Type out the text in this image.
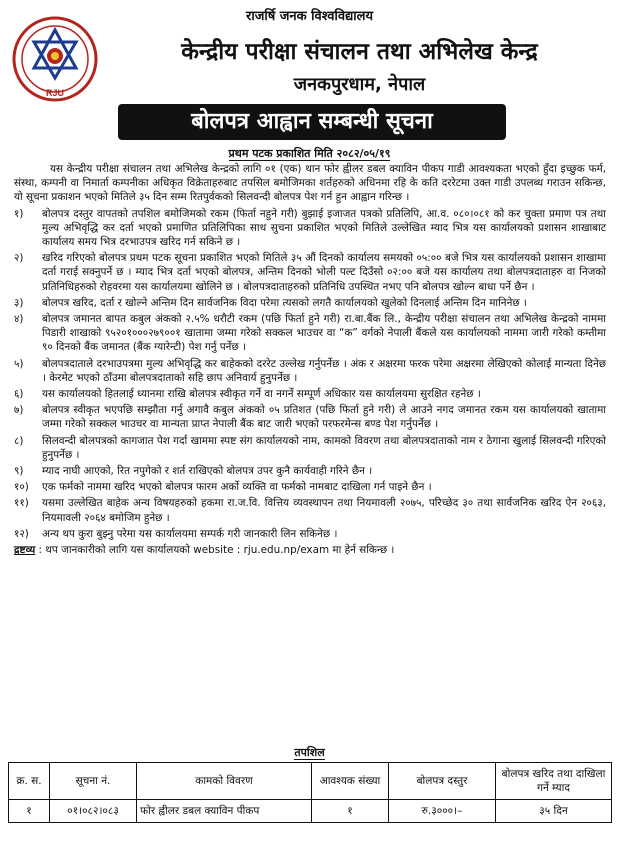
RJU
राजर्षि जनक विश्वविद्यालय
केन्द्रीय परीक्षा संचालन तथा अभिलेख केन्द्र
जनकपुरधाम, नेपाल
बोलपत्र आह्वान सम्बन्धी सूचना
प्रथम पटक प्रकाशित मिति २०८२/०५/१९

यस केन्द्रीय परीक्षा संचालन तथा अभिलेख केन्द्रको लागि ०१ (एक) थान फोर ह्वीलर डबल क्याविन पीकप गाडी आवश्यकता भएको हुँदा इच्छुक फर्म, संस्था, कम्पनी वा निमार्ता कम्पनीका अधिकृत विक्रेताहरुबाट तपसिल बमोजिमका शर्तहरुको अधिनमा रहि के कति दररेटमा उक्त गाडी उपलब्ध गराउन सकिन्छ, यो सूचना प्रकाशन भएको मितिले ३५ दिन सम्म रितपुर्वकको सिलवन्दी बोलपत्र पेश गर्न हुन आह्वान गरिन्छ ।

१)	बोलपत्र दस्तुर वापतको तपशिल बमोजिमको रकम (फिर्ता नहुने गरी) बुझाई इजाजत पत्रको प्रतिलिपि, आ.व. ०८०।०८१ को कर चुक्ता प्रमाण पत्र तथा मुल्य अभिवृद्धि कर दर्ता भएको प्रमाणित प्रतिलिपिका साथ सुचना प्रकाशित भएको मितिले उल्लेखित म्याद भित्र यस कार्यालयको प्रशासन शाखाबाट कार्यालय समय भित्र दरभाउपत्र खरिद गर्न सकिने छ ।
२)	खरिद गरिएको बोलपत्र प्रथम पटक सूचना प्रकाशित भएको मितिले ३५ औं दिनको कार्यालय समयको ०५:०० बजे भित्र यस कार्यालयको प्रशासन शाखामा दर्ता गराई सक्नुपर्ने छ । म्याद भित्र दर्ता भएको बोलपत्र, अन्तिम दिनको भोली पल्ट दिउँसो ०२:०० बजे यस कार्यालय तथा बोलपत्रदाताहरु वा निजको प्रतिनिधिहरुको रोहवरमा यस कार्यालयमा खोलिने छ । बोलपत्रदाताहरुको प्रतिनिधि उपस्थित नभए पनि बोलपत्र खोल्न बाधा पर्ने छैन ।
३)	बोलपत्र खरिद, दर्ता र खोल्ने अन्तिम दिन सार्वजनिक विदा परेमा त्यसको लगतै कार्यालयको खुलेको दिनलाई अन्तिम दिन मानिनेछ ।
४)	बोलपत्र जमानत बापत कबुल अंकको २.५% धरौटी रकम (पछि फिर्ता हुने गरी) रा.बा.बैंक लि., केन्द्रीय परीक्षा संचालन तथा अभिलेख केन्द्रको नाममा पिडारी शाखाको ९५२०१०००२७९००१ खातामा जम्मा गरेको सक्कल भाउचर वा “क” वर्गको नेपाली बैंकले यस कार्यालयको नाममा जारी गरेको कम्तीमा ९० दिनको बैंक जमानत (बैंक ग्यारेन्टी) पेश गर्नु पर्नेछ ।
५)	बोलपत्रदाताले दरभाउपत्रमा मुल्य अभिवृद्धि कर बाहेकको दररेट उल्लेख गर्नुपर्नेछ । अंक र अक्षरमा फरक परेमा अक्षरमा लेखिएको कोलाई मान्यता दिनेछ । केरमेट भएको ठाँउमा बोलपत्रदाताको सहि छाप अनिवार्य हुनुपर्नेछ ।
६)	यस कार्यालयको हितलाई ध्यानमा राखि बोलपत्र स्वीकृत गर्ने वा नगर्ने सम्पूर्ण अधिकार यस कार्यालयमा सुरक्षित रहनेछ ।
७)	बोलपत्र स्वीकृत भएपछि सम्झौता गर्नु अगावै कबुल अंकको ०५ प्रतिशत (पछि फिर्ता हुने गरी) ले आउने नगद जमानत रकम यस कार्यालयको खातामा जम्मा गरेको सक्कल भाउचर वा मान्यता प्राप्त नेपाली बैंक बाट जारी भएको परफरमेन्स बण्ड पेश गर्नुपर्नेछ ।
८)	सिलवन्दी बोलपत्रको कागजात पेश गर्दा खाममा स्पष्ट संग कार्यालयको नाम, कामको विवरण तथा बोलपत्रदाताको नाम र ठेगाना खुलाई सिलवन्दी गरिएको हुनुपर्नेछ ।
९)	म्याद नाघी आएको, रित नपुगेको र शर्त राखिएको बोलपत्र उपर कुनै कार्यवाही गरिने छैन ।
१०)	एक फर्मको नाममा खरिद भएको बोलपत्र फारम अर्को व्यक्ति वा फर्मको नामबाट दाखिला गर्न पाइने छैन ।
११)	यसमा उल्लेखित बाहेक अन्य विषयहरुको हकमा रा.ज.वि. वित्तिय व्यवस्थापन तथा नियमावली २०७५, परिच्छेद ३० तथा सार्वजनिक खरिद ऐन २०६३, नियमावली २०६४ बमोजिम हुनेछ ।
१२)	अन्य थप कुरा बुझ्नु परेमा यस कार्यालयमा सम्पर्क गरी जानकारी लिन सकिनेछ ।
द्रष्टव्य : थप जानकारीको लागि यस कार्यालयको website : rju.edu.np/exam मा हेर्न सकिन्छ ।
तपशिल
क्र. स.	सूचना नं.	कामको विवरण	आवश्यक संख्या	बोलपत्र दस्तुर	बोलपत्र खरिद तथा दाखिला गर्ने म्याद
१	०१।०८२।०८३	फोर ह्वीलर डबल क्याविन पीकप	१	रु.३०००।–	३५ दिन
